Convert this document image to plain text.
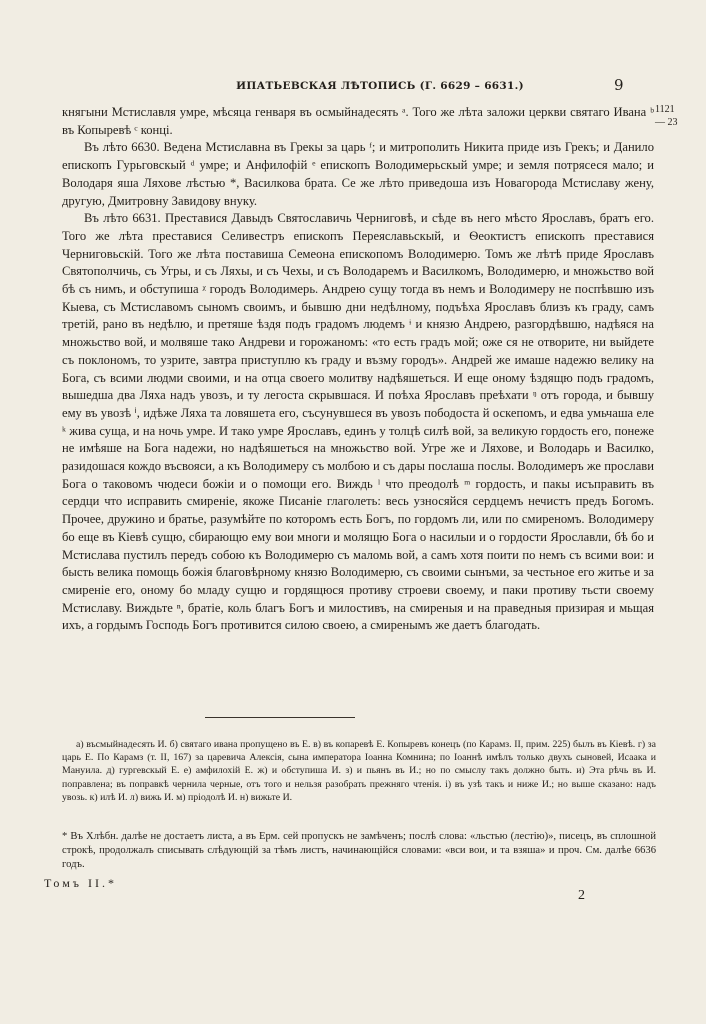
ИПАТЬЕВСКАЯ ЛѢТОПИСЬ (Г. 6629 – 6631.)	9
1121
— 23

княгыни Мстиславля умре, мѣсяца генваря въ осмыйнадесять ᵃ. Того же лѣта заложи церкви святаго Ивана ᵇ въ Копыревѣ ᶜ концi.

Въ лѣто 6630. Ведена Мстиславна въ Грекы за царь ᶠ; и митрополить Никита приде изъ Грекъ; и Данило епископъ Гурьговскый ᵈ умре; и Анфилофій ᵉ епископъ Володимерьскый умре; и земля потрясеся мало; и Володаря яша Ляхове лѣстью *, Василкова брата. Се же лѣто приведоша изъ Новагорода Мстиславу жену, другую, Дмитровну Завидову внуку.

Въ лѣто 6631. Преставися Давыдъ Святославичь Черниговѣ, и сѣде въ него мѣсто Ярославъ, братъ его. Того же лѣта преставися Селивестръ епископъ Переяславьскый, и Ѳеоктистъ епископъ преставися Черниговьскій. Того же лѣта поставиша Семеона епископомъ Володимерю. Томъ же лѣтѣ приде Ярославъ Святополчичь, съ Угры, и съ Ляхы, и съ Чехы, и съ Володаремъ и Василкомъ, Володимерю, и множьство вой бѣ съ нимъ, и обступиша ᵡ городъ Володимерь. Андрею сущу тогда въ немъ и Володимеру не поспѣвшю изъ Кыева, съ Мстиславомъ сыномъ своимъ, и бывшю дни недѣлному, подъѣха Ярославъ близъ къ граду, самъ третій, рано въ недѣлю, и претяше ѣздя подъ градомъ людемъ ᶤ и князю Андрею, разгордѣвшю, надѣяся на множьство вой, и молвяше тако Андреви и горожаномъ: «то есть градъ мой; оже ся не отворите, ни выйдете съ поклономъ, то узрите, завтра приступлю къ граду и възму городъ». Андрей же имаше надежю велику на Бога, съ всими людми своими, и на отца своего молитву надѣяшеться. И еще оному ѣздящю подъ градомъ, вышедша два Ляха надъ увозъ, и ту легоста скрывшася. И поѣха Ярославъ преѣхати ᵑ отъ города, и бывшу ему въ увозѣ ⁱ, идѣже Ляха та ловяшета его, съсунувшеся въ увозъ пободоста й оскепомъ, и едва умьчаша еле ᵏ жива суща, и на ночь умре. И тако умре Ярославъ, единъ у толцѣ силѣ вой, за великую гордость его, понеже не имѣяше на Бога надежи, но надѣяшеться на множьство вой. Угре же и Ляхове, и Володарь и Василко, разидошася кождо въсвояси, а къ Володимеру съ молбою и съ дары послаша послы. Володимеръ же прослави Бога о таковомъ чюдеси божіи и о помощи его. Виждь ˡ что преодолѣ ᵐ гордость, и пакы исъправить въ сердци что исправить смиреніе, якоже Писаніе глаголеть: весь узносяйся сердцемъ нечистъ предъ Богомъ. Прочее, дружино и братье, разумѣйте по которомъ есть Богъ, по гордомъ ли, или по смиреномъ. Володимеру бо еще въ Кіевѣ сущю, сбирающю ему вои многи и молящю Бога о насилыи и о гордости Ярославли, бѣ бо и Мстислава пустилъ передъ собою къ Володимерю съ маломь вой, а самъ хотя поити по немъ съ всими вои: и бысть велика помощь божія благовѣрному князю Володимерю, съ своими сынъми, за честьное его житье и за смиреніе его, оному бо младу сущю и гордящюся противу строеви своему, и паки противу тьсти своему Мстиславу. Виждьте ⁿ, братіе, коль благъ Богъ и милостивъ, на смиреныя и на праведныя призирая и мьщая ихъ, а гордымъ Господь Богъ противится силою своею, а смиренымъ же даетъ благодать.

а) въсмыйнадесять И. б) святаго ивана пропущено въ Е. в) въ копаревѣ Е. Копыревъ конецъ (по Карамз. II, прим. 225) былъ въ Кіевѣ. г) за царь Е. По Карамз (т. II, 167) за царевича Алексія, сына императора Іоанна Комнина; по Іоаннѣ имѣлъ только двухъ сыновей, Исаака и Мануила. д) гургевскый Е. е) амфилохій Е. ж) и обступиша И. з) и пьянъ въ И.; но по смыслу такъ должно быть. и) Эта рѣчь въ И. поправлена; въ поправкѣ чернила черные, отъ того и нельзя разобрать прежняго чтенія. і) въ узѣ такъ и ниже И.; но выше сказано: надъ увозь. к) илѣ И. л) вижь И. м) прiодолѣ И. н) вижьте И.

* Въ Хлѣбн. далѣе не достаетъ листа, а въ Ерм. сей пропускъ не замѣченъ; послѣ слова: «льстью (лестію)», писецъ, въ сплошной строкѣ, продолжалъ списывать слѣдующій за тѣмъ листъ, начинающійся словами: «вси вои, и та взяша» и проч. См. далѣе 6636 годъ.

Томъ II.*
2
